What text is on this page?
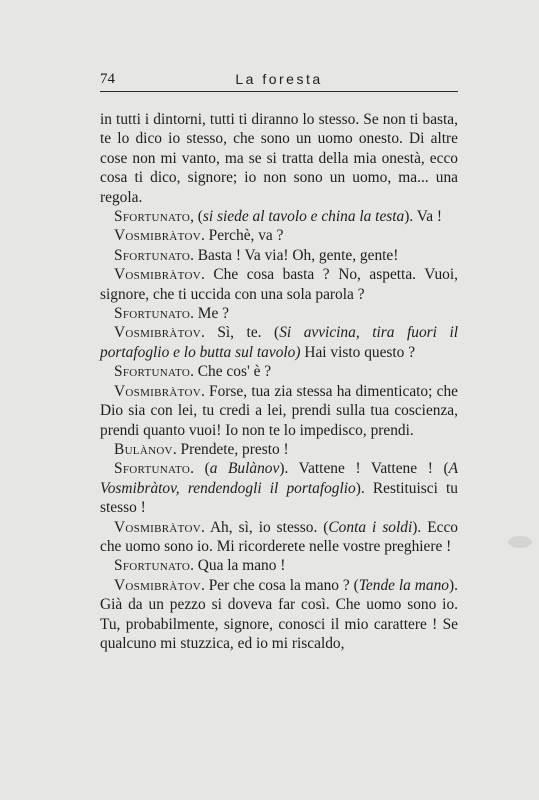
74	La foresta

in tutti i dintorni, tutti ti diranno lo stesso. Se non ti basta, te lo dico io stesso, che sono un uomo onesto. Di altre cose non mi vanto, ma se si tratta della mia onestà, ecco cosa ti dico, signore; io non sono un uomo, ma... una regola.

Sfortunato, (si siede al tavolo e china la testa). Va !

Vosmibràtov. Perchè, va ?

Sfortunato. Basta ! Va via! Oh, gente, gente!

Vosmibràtov. Che cosa basta ? No, aspetta. Vuoi, signore, che ti uccida con una sola parola ?

Sfortunato. Me ?

Vosmibràtov. Sì, te. (Si avvicina, tira fuori il portafoglio e lo butta sul tavolo) Hai visto questo ?

Sfortunato. Che cos' è ?

Vosmibràtov. Forse, tua zia stessa ha dimenticato; che Dio sia con lei, tu credi a lei, prendi sulla tua coscienza, prendi quanto vuoi! Io non te lo impedisco, prendi.

Bulànov. Prendete, presto !

Sfortunato. (a Bulànov). Vattene ! Vattene ! (A Vosmibràtov, rendendogli il portafoglio). Restituisci tu stesso !

Vosmibràtov. Ah, sì, io stesso. (Conta i soldi). Ecco che uomo sono io. Mi ricorderete nelle vostre preghiere !

Sfortunato. Qua la mano !

Vosmibràtov. Per che cosa la mano ? (Tende la mano). Già da un pezzo si doveva far così. Che uomo sono io. Tu, probabilmente, signore, conosci il mio carattere ! Se qualcuno mi stuzzica, ed io mi riscaldo,
